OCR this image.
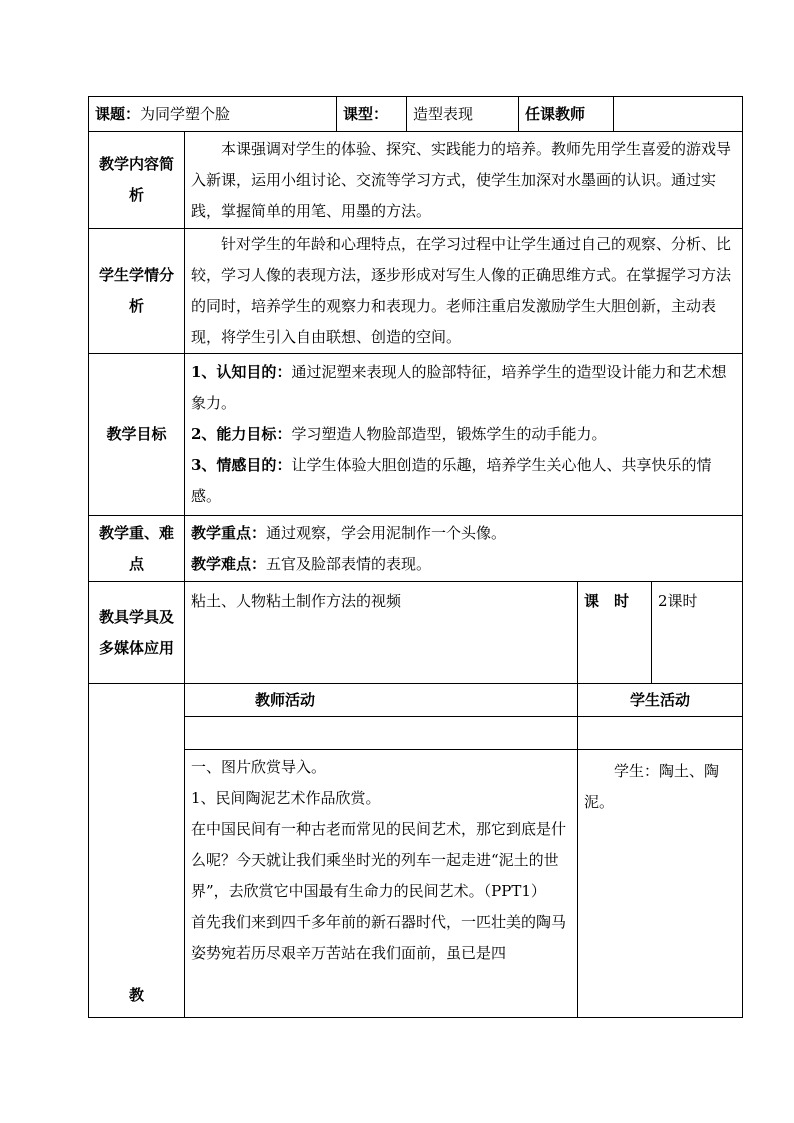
课题：为同学塑个脸		课型：	造型表现	任课教师			
教学内容简析	本课强调对学生的体验、探究、实践能力的培养。教师先用学生喜爱的游戏导入新课，运用小组讨论、交流等学习方式，使学生加深对水墨画的认识。通过实践，掌握简单的用笔、用墨的方法。						
学生学情分析	针对学生的年龄和心理特点，在学习过程中让学生通过自己的观察、分析、比较，学习人像的表现方法，逐步形成对写生人像的正确思维方式。在掌握学习方法的同时，培养学生的观察力和表现力。老师注重启发激励学生大胆创新，主动表现，将学生引入自由联想、创造的空间。						
教学目标	1、认知目的：通过泥塑来表现人的脸部特征，培养学生的造型设计能力和艺术想象力。
2、能力目标：学习塑造人物脸部造型，锻炼学生的动手能力。
3、情感目的：让学生体验大胆创造的乐趣，培养学生关心他人、共享快乐的情感。						

教学重、难点	教学重点：通过观察，学会用泥制作一个头像。
教学难点：五官及脸部表情的表现。						

教具学具及多媒体应用	粘土、人物粘土制作方法的视频				课　时		2课时
教	教师活动				学生活动		

	一、图片欣赏导入。
1、民间陶泥艺术作品欣赏。
在中国民间有一种古老而常见的民间艺术，那它到底是什么呢？今天就让我们乘坐时光的列车一起走进“泥土的世界”，去欣赏它中国最有生命力的民间艺术。（PPT1）
首先我们来到四千多年前的新石器时代，一匹壮美的陶马姿势宛若历尽艰辛万苦站在我们面前，虽已是四				学生：陶土、陶泥。		
